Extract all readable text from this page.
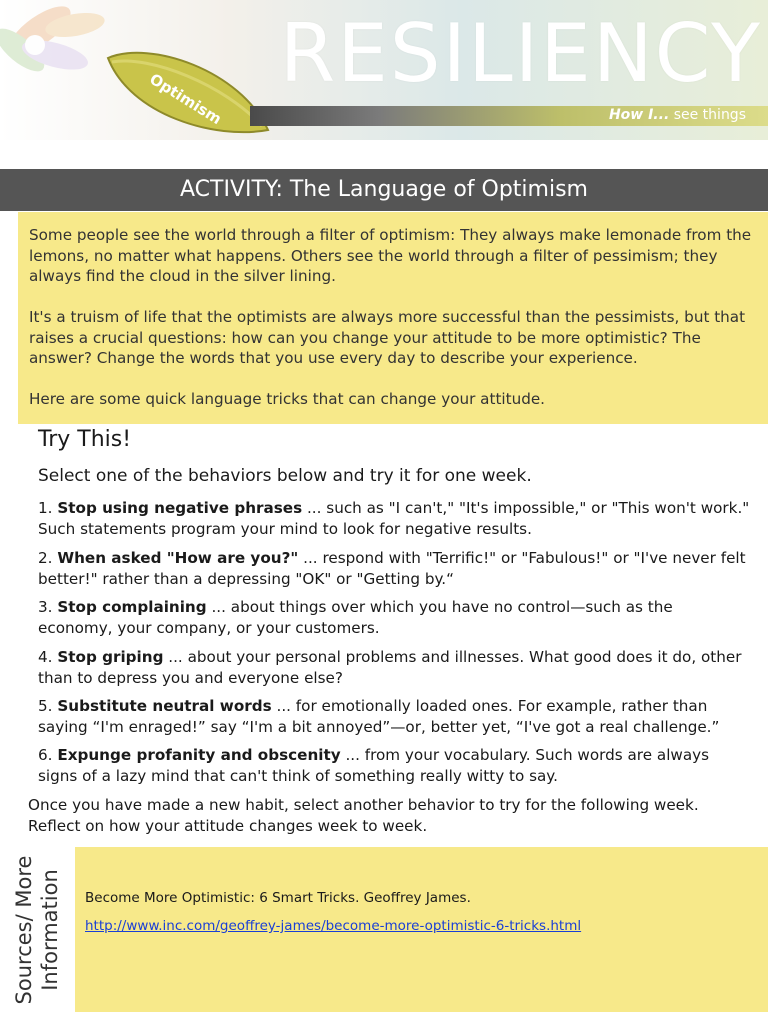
RESILIENCY
Optimism	How I... see things
ACTIVITY: The Language of Optimism

Some people see the world through a filter of optimism: They always make lemonade from the lemons, no matter what happens. Others see the world through a filter of pessimism; they always find the cloud in the silver lining.

It's a truism of life that the optimists are always more successful than the pessimists, but that raises a crucial questions: how can you change your attitude to be more optimistic? The answer? Change the words that you use every day to describe your experience.

Here are some quick language tricks that can change your attitude.

Try This!
Select one of the behaviors below and try it for one week.
1. Stop using negative phrases ... such as "I can't," "It's impossible," or "This won't work." Such statements program your mind to look for negative results.
2. When asked "How are you?" ... respond with "Terrific!" or "Fabulous!" or "I've never felt better!" rather than a depressing "OK" or "Getting by.“
3. Stop complaining ... about things over which you have no control—such as the economy, your company, or your customers.
4. Stop griping ... about your personal problems and illnesses. What good does it do, other than to depress you and everyone else?
5. Substitute neutral words ... for emotionally loaded ones. For example, rather than saying “I'm enraged!” say “I'm a bit annoyed”—or, better yet, “I've got a real challenge.”
6. Expunge profanity and obscenity ... from your vocabulary. Such words are always signs of a lazy mind that can't think of something really witty to say.
Once you have made a new habit, select another behavior to try for the following week. Reflect on how your attitude changes week to week.
Sources/ More Information Become More Optimistic: 6 Smart Tricks. Geoffrey James.
http://www.inc.com/geoffrey-james/become-more-optimistic-6-tricks.html
